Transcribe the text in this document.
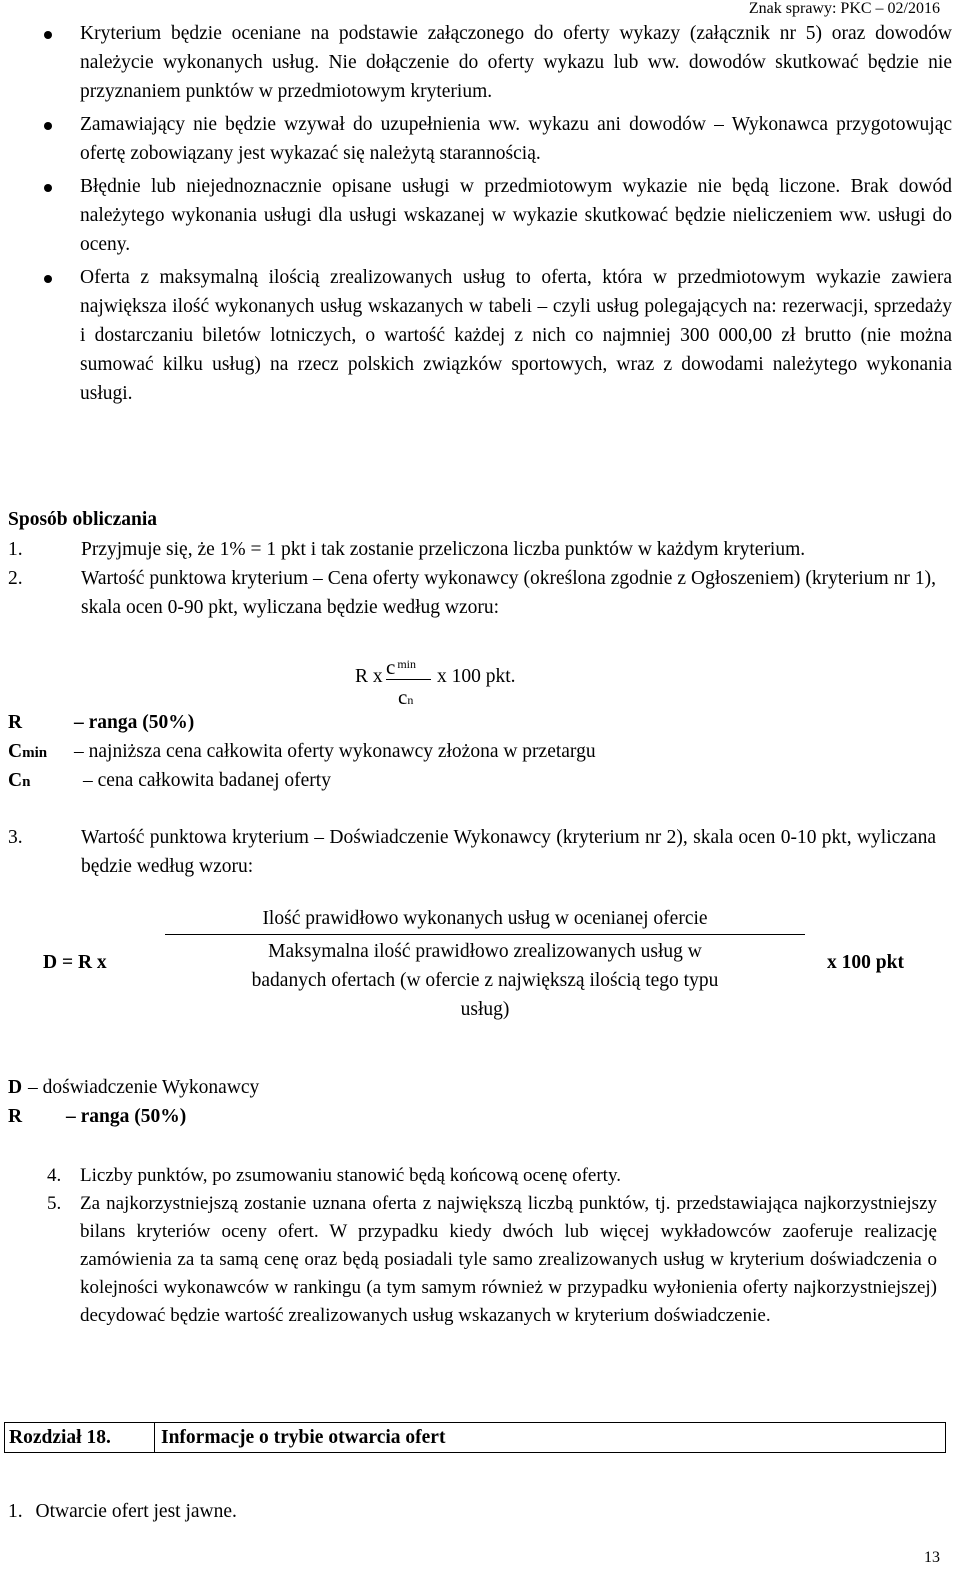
Znak sprawy: PKC – 02/2016
Kryterium będzie oceniane na podstawie załączonego do oferty wykazy (załącznik nr 5) oraz dowodów należycie wykonanych usług. Nie dołączenie do oferty wykazu lub ww. dowodów skutkować będzie nie przyznaniem punktów w przedmiotowym kryterium.
Zamawiający nie będzie wzywał do uzupełnienia ww. wykazu ani dowodów – Wykonawca przygotowując ofertę zobowiązany jest wykazać się należytą starannością.
Błędnie lub niejednoznacznie opisane usługi w przedmiotowym wykazie nie będą liczone. Brak dowód należytego wykonania usługi dla usługi wskazanej w wykazie skutkować będzie nieliczeniem ww. usługi do oceny.
Oferta z maksymalną ilością zrealizowanych usług to oferta, która w przedmiotowym wykazie zawiera największa ilość wykonanych usług wskazanych w tabeli – czyli usług polegających na: rezerwacji, sprzedaży i dostarczaniu biletów lotniczych, o wartość każdej z nich co najmniej 300 000,00 zł brutto (nie można sumować kilku usług) na rzecz polskich związków sportowych, wraz z dowodami należytego wykonania usługi.
Sposób obliczania
1.	Przyjmuje się, że 1% = 1 pkt i tak zostanie przeliczona liczba punktów w każdym kryterium.
2.	Wartość punktowa kryterium – Cena oferty wykonawcy (określona zgodnie z Ogłoszeniem) (kryterium nr 1), skala ocen 0-90 pkt, wyliczana będzie według wzoru:
R x c $^{min}$
x 100 pkt.
cn
R	– ranga (50%)
Cmin – najniższa cena całkowita oferty wykonawcy złożona w przetargu
Cn	– cena całkowita badanej oferty
3.	Wartość punktowa kryterium – Doświadczenie Wykonawcy (kryterium nr 2), skala ocen 0-10 pkt, wyliczana będzie według wzoru:
D = R x
Ilość prawidłowo wykonanych usług w ocenianej ofercie
Maksymalna ilość prawidłowo zrealizowanych usług w
badanych ofertach (w ofercie z największą ilością tego typu
usług)
x 100 pkt
D – doświadczenie Wykonawcy
R – ranga (50%)
4. Liczby punktów, po zsumowaniu stanowić będą końcową ocenę oferty.
5. Za najkorzystniejszą zostanie uznana oferta z największą liczbą punktów, tj. przedstawiająca najkorzystniejszy bilans kryteriów oceny ofert. W przypadku kiedy dwóch lub więcej wykładowców zaoferuje realizację zamówienia za ta samą cenę oraz będą posiadali tyle samo zrealizowanych usług w kryterium doświadczenia o kolejności wykonawców w rankingu (a tym samym również w przypadku wyłonienia oferty najkorzystniejszej) decydować będzie wartość zrealizowanych usług wskazanych w kryterium doświadczenie.
Rozdział 18.	Informacje o trybie otwarcia ofert
1. Otwarcie ofert jest jawne.
13
